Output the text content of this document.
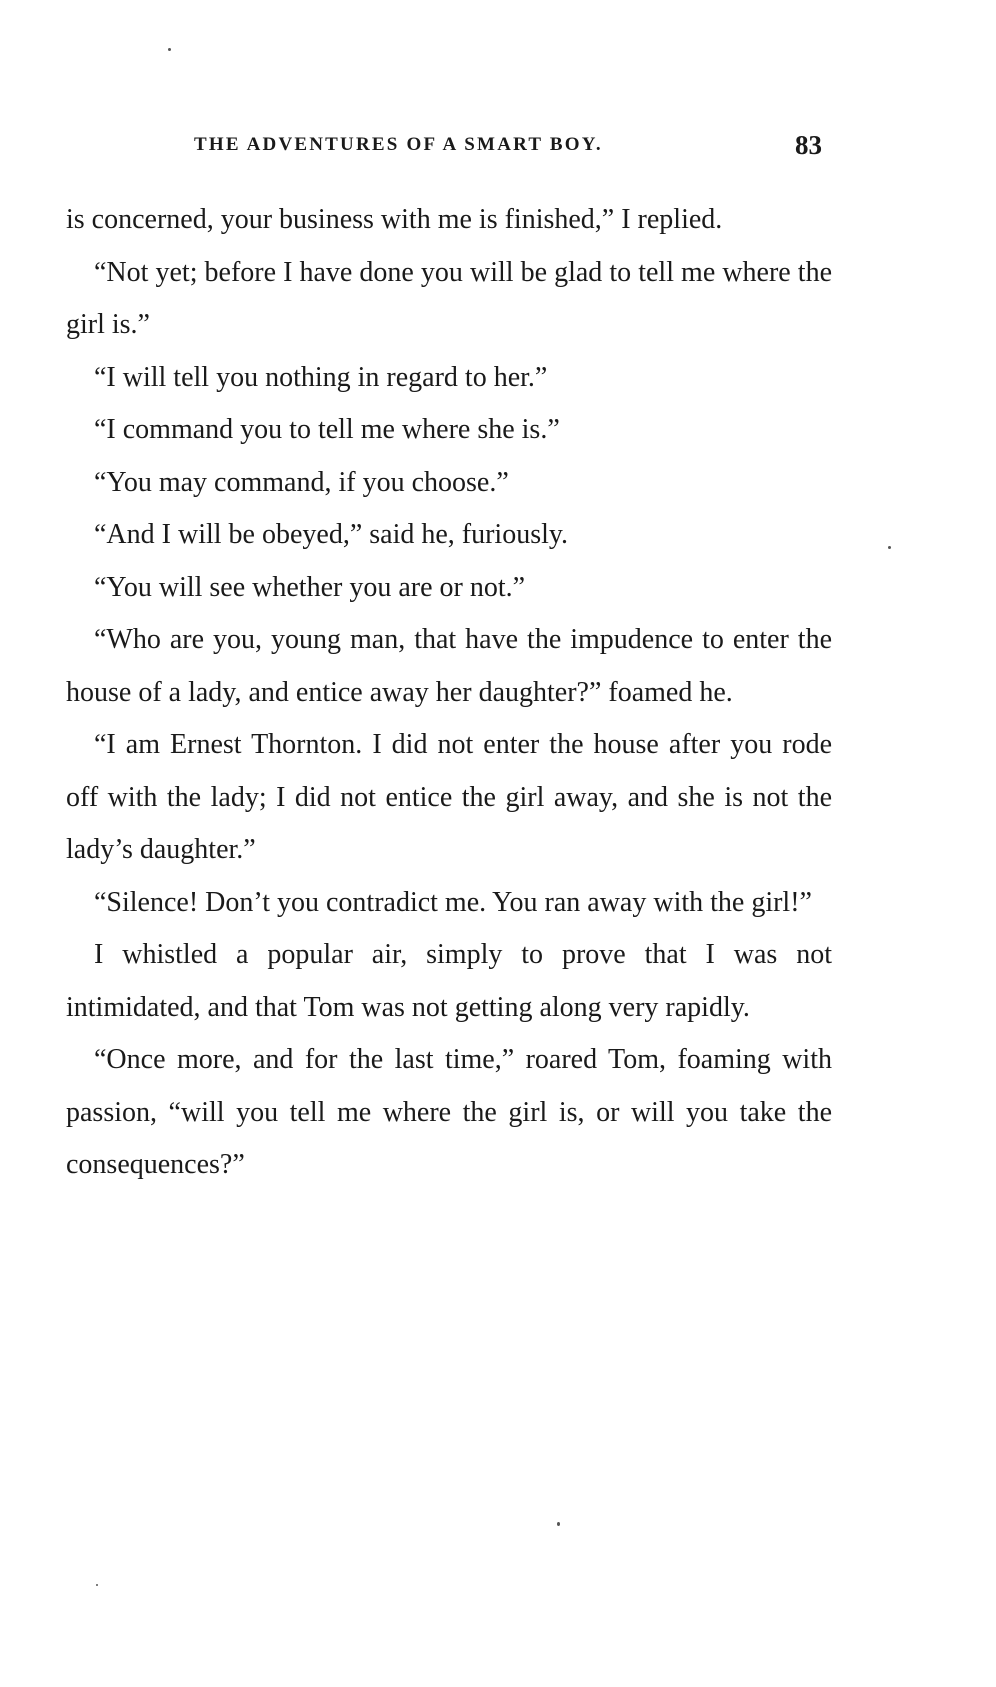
THE ADVENTURES OF A SMART BOY.	83

is concerned, your business with me is finished,” I replied.

“Not yet; before I have done you will be glad to tell me where the girl is.”

“I will tell you nothing in regard to her.”

“I command you to tell me where she is.”

“You may command, if you choose.”

“And I will be obeyed,” said he, furiously.

“You will see whether you are or not.”

“Who are you, young man, that have the impudence to enter the house of a lady, and entice away her daughter?” foamed he.

“I am Ernest Thornton. I did not enter the house after you rode off with the lady; I did not entice the girl away, and she is not the lady’s daughter.”

“Silence! Don’t you contradict me. You ran away with the girl!”

I whistled a popular air, simply to prove that I was not intimidated, and that Tom was not getting along very rapidly.

“Once more, and for the last time,” roared Tom, foaming with passion, “will you tell me where the girl is, or will you take the consequences?”
